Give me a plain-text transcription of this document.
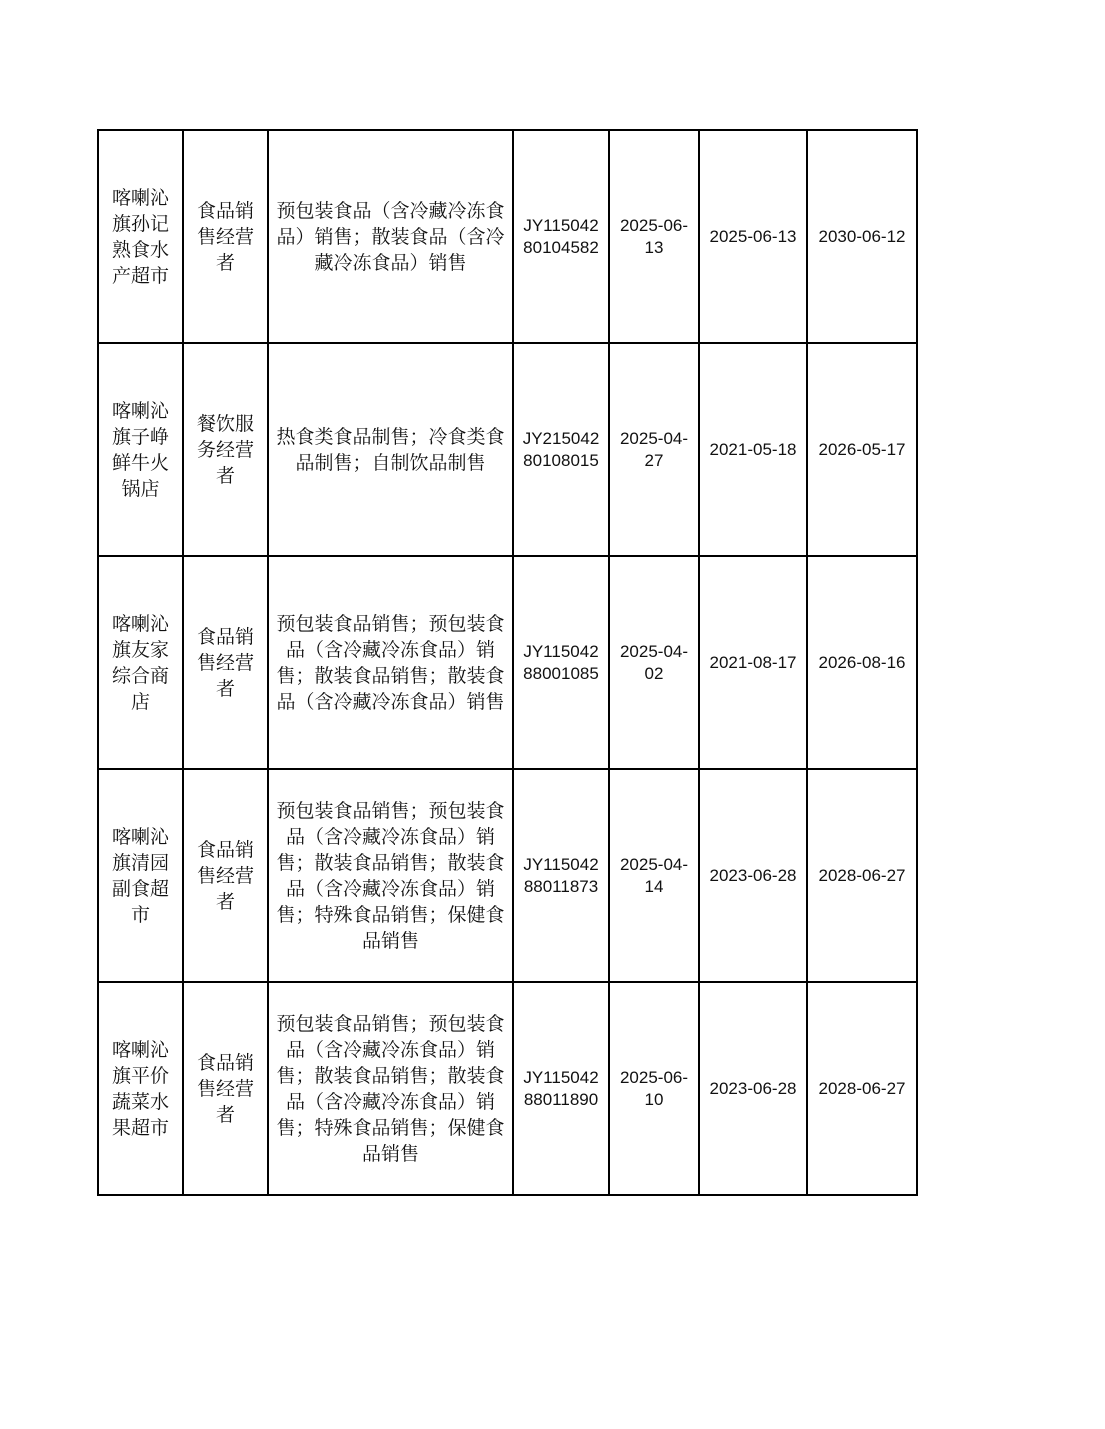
喀喇沁旗孙记熟食水产超市	食品销售经营者	预包装食品（含冷藏冷冻食品）销售；散装食品（含冷藏冷冻食品）销售	JY11504280104582	2025-06-13	2025-06-13	2030-06-12

喀喇沁旗子峥鲜牛火锅店	餐饮服务经营者	热食类食品制售；冷食类食品制售；自制饮品制售	JY21504280108015	2025-04-27	2021-05-18	2026-05-17

喀喇沁旗友家综合商店	食品销售经营者	预包装食品销售；预包装食品（含冷藏冷冻食品）销售；散装食品销售；散装食品（含冷藏冷冻食品）销售	JY11504288001085	2025-04-02	2021-08-17	2026-08-16

喀喇沁旗清园副食超市	食品销售经营者	预包装食品销售；预包装食品（含冷藏冷冻食品）销售；散装食品销售；散装食品（含冷藏冷冻食品）销售；特殊食品销售；保健食品销售	JY11504288011873	2025-04-14	2023-06-28	2028-06-27

喀喇沁旗平价蔬菜水果超市	食品销售经营者	预包装食品销售；预包装食品（含冷藏冷冻食品）销售；散装食品销售；散装食品（含冷藏冷冻食品）销售；特殊食品销售；保健食品销售	JY11504288011890	2025-06-10	2023-06-28	2028-06-27
